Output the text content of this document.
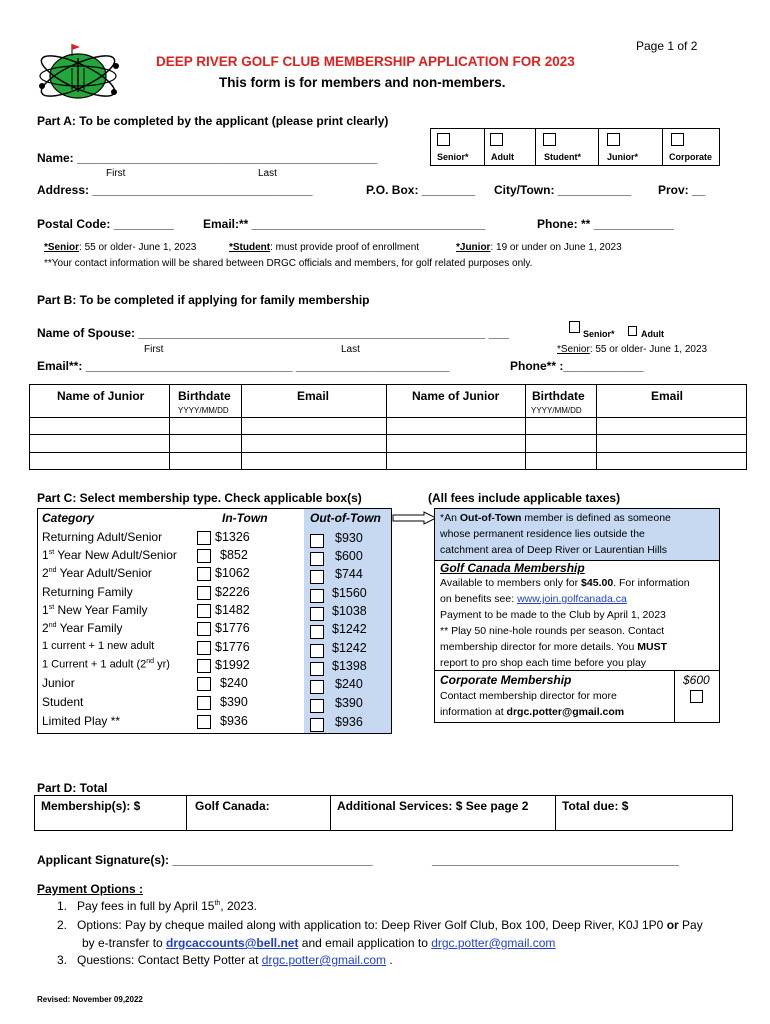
Page 1 of 2
DEEP RIVER GOLF CLUB MEMBERSHIP APPLICATION FOR 2023
This form is for members and non-members.
Part A: To be completed by the applicant (please print clearly)
Senior* Adult	Student*	Junior*	Corporate
Name: _____________________________________________
First	Last
Address: _________________________________	P.O. Box: ________ City/Town: ___________ Prov: __
Postal Code: _________ Email:** ___________________________________	Phone: ** ____________
*Senior: 55 or older- June 1, 2023	*Student: must provide proof of enrollment	*Junior: 19 or under on June 1, 2023
**Your contact information will be shared between DRGC officials and members, for golf related purposes only.
Part B: To be completed if applying for family membership
Name of Spouse: ____________________________________________________ ___	Senior*	Adult
First	Last	*Senior: 55 or older- June 1, 2023
Email**: _______________________________ _______________________	Phone** :____________
Name of Junior	Birthdate	Email	Name of Junior	Birthdate	Email
YYYY/MM/DD	YYYY/MM/DD
Part C: Select membership type. Check applicable box(s)	(All fees include applicable taxes)
Category	In-Town	Out-of-Town
Returning Adult/Senior	$1326	$930
1st Year New Adult/Senior	$852	$600
2nd Year Adult/Senior	$1062	$744
Returning Family	$2226	$1560
1st New Year Family	$1482	$1038
2nd Year Family	$1776	$1242
1 current + 1 new adult	$1776	$1242
1 Current + 1 adult (2nd yr)	$1992	$1398
Junior	$240	$240
Student	$390	$390
Limited Play **	$936	$936
*An Out-of-Town member is defined as someone
whose permanent residence lies outside the
catchment area of Deep River or Laurentian Hills
Golf Canada Membership
Available to members only for $45.00. For information
on benefits see: www.join.golfcanada.ca
Payment to be made to the Club by April 1, 2023
** Play 50 nine-hole rounds per season. Contact
membership director for more details. You MUST
report to pro shop each time before you play
Corporate Membership	$600
Contact membership director for more
information at drgc.potter@gmail.com
Part D: Total
Membership(s): $	Golf Canada:	Additional Services: $ See page 2	Total due: $
Applicant Signature(s): ______________________________	_____________________________________
Payment Options :
1.   Pay fees in full by April 15th, 2023.
2.   Options: Pay by cheque mailed along with application to: Deep River Golf Club, Box 100, Deep River, K0J 1P0 or Pay
by e-transfer to drgcaccounts@bell.net and email application to drgc.potter@gmail.com
3.   Questions: Contact Betty Potter at drgc.potter@gmail.com .
Revised: November 09,2022
